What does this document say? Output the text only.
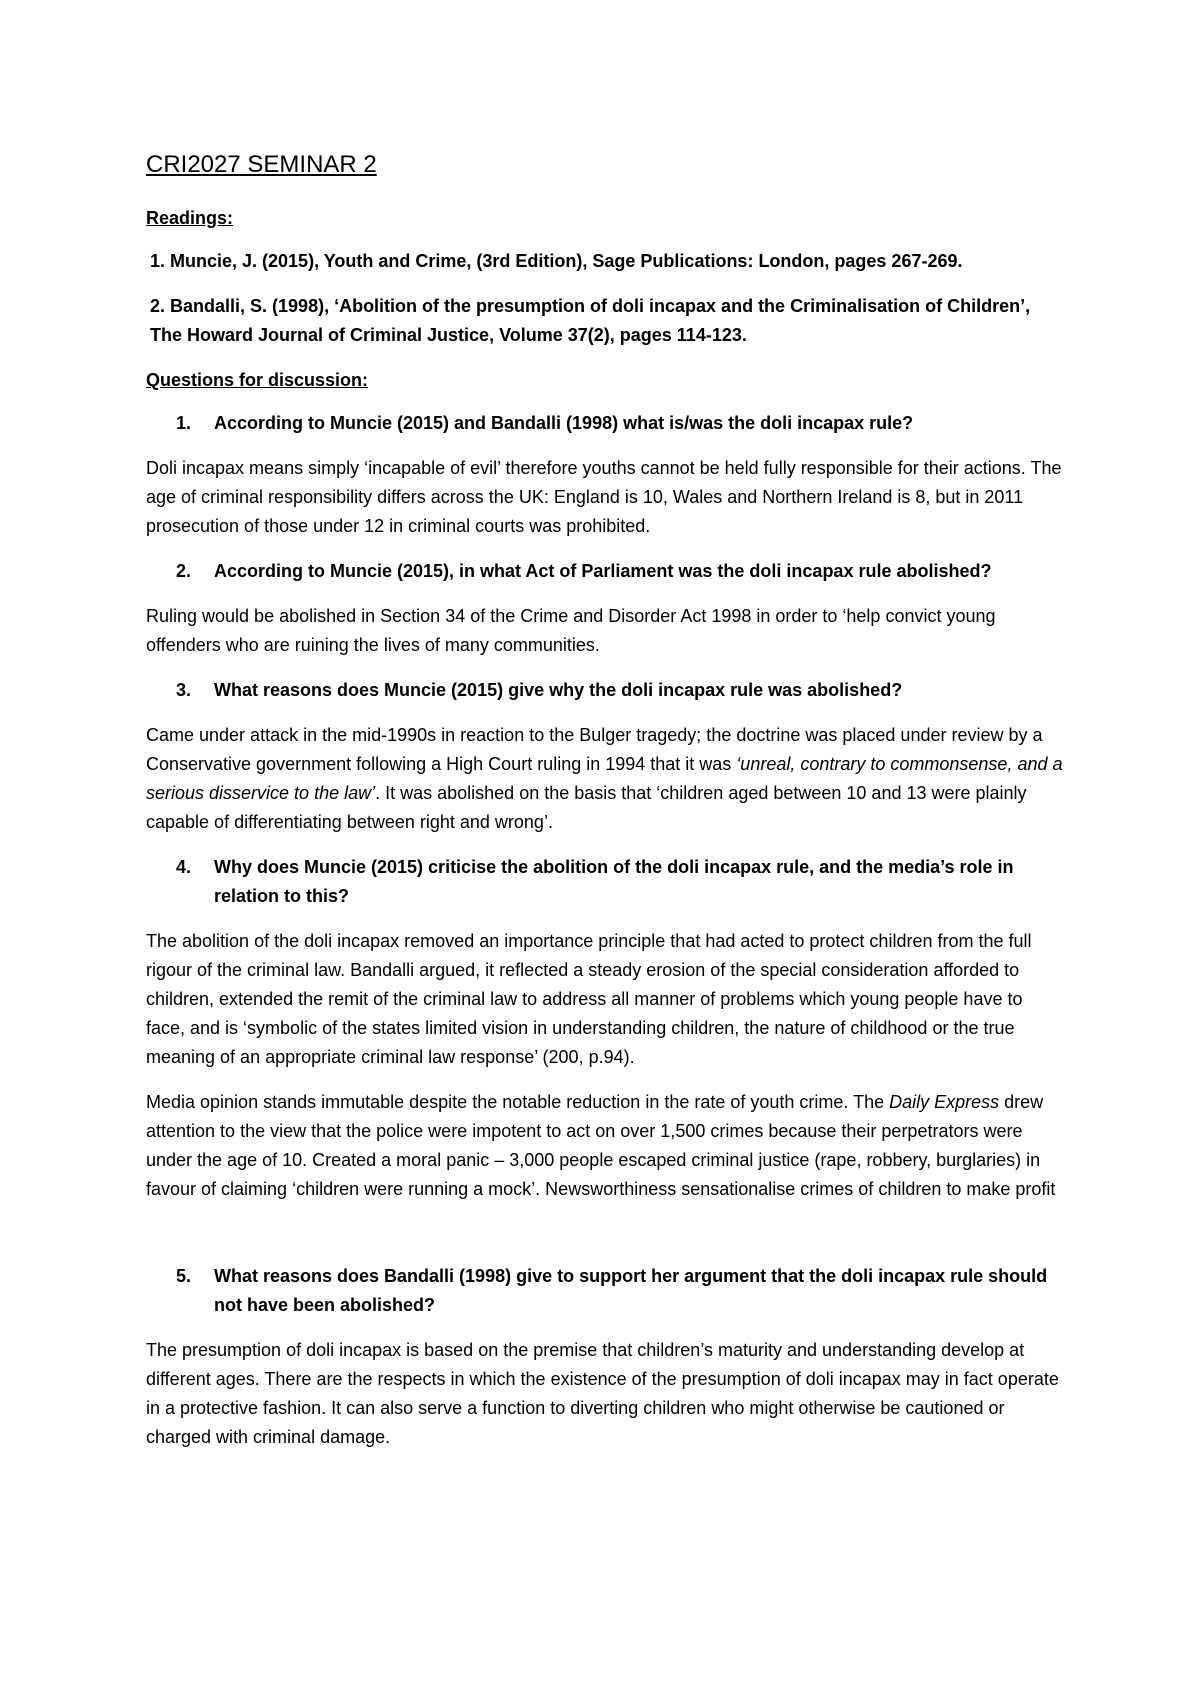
CRI2027 SEMINAR 2
Readings:
1. Muncie, J. (2015), Youth and Crime, (3rd Edition), Sage Publications: London, pages 267-269.
2. Bandalli, S. (1998), ‘Abolition of the presumption of doli incapax and the Criminalisation of Children’, The Howard Journal of Criminal Justice, Volume 37(2), pages 114-123.
Questions for discussion:
1.	According to Muncie (2015) and Bandalli (1998) what is/was the doli incapax rule?

Doli incapax means simply ‘incapable of evil’ therefore youths cannot be held fully responsible for their actions. The age of criminal responsibility differs across the UK: England is 10, Wales and Northern Ireland is 8, but in 2011 prosecution of those under 12 in criminal courts was prohibited.

2.	According to Muncie (2015), in what Act of Parliament was the doli incapax rule abolished?

Ruling would be abolished in Section 34 of the Crime and Disorder Act 1998 in order to ‘help convict young offenders who are ruining the lives of many communities.

3.	What reasons does Muncie (2015) give why the doli incapax rule was abolished?

Came under attack in the mid-1990s in reaction to the Bulger tragedy; the doctrine was placed under review by a Conservative government following a High Court ruling in 1994 that it was ‘unreal, contrary to commonsense, and a serious disservice to the law’. It was abolished on the basis that ‘children aged between 10 and 13 were plainly capable of differentiating between right and wrong’.

4.	Why does Muncie (2015) criticise the abolition of the doli incapax rule, and the media’s role in relation to this?

The abolition of the doli incapax removed an importance principle that had acted to protect children from the full rigour of the criminal law. Bandalli argued, it reflected a steady erosion of the special consideration afforded to children, extended the remit of the criminal law to address all manner of problems which young people have to face, and is ‘symbolic of the states limited vision in understanding children, the nature of childhood or the true meaning of an appropriate criminal law response’ (200, p.94).

Media opinion stands immutable despite the notable reduction in the rate of youth crime. The Daily Express drew attention to the view that the police were impotent to act on over 1,500 crimes because their perpetrators were under the age of 10. Created a moral panic – 3,000 people escaped criminal justice (rape, robbery, burglaries) in favour of claiming ‘children were running a mock’. Newsworthiness sensationalise crimes of children to make profit

5.	What reasons does Bandalli (1998) give to support her argument that the doli incapax rule should not have been abolished?

The presumption of doli incapax is based on the premise that children’s maturity and understanding develop at different ages. There are the respects in which the existence of the presumption of doli incapax may in fact operate in a protective fashion. It can also serve a function to diverting children who might otherwise be cautioned or charged with criminal damage.
